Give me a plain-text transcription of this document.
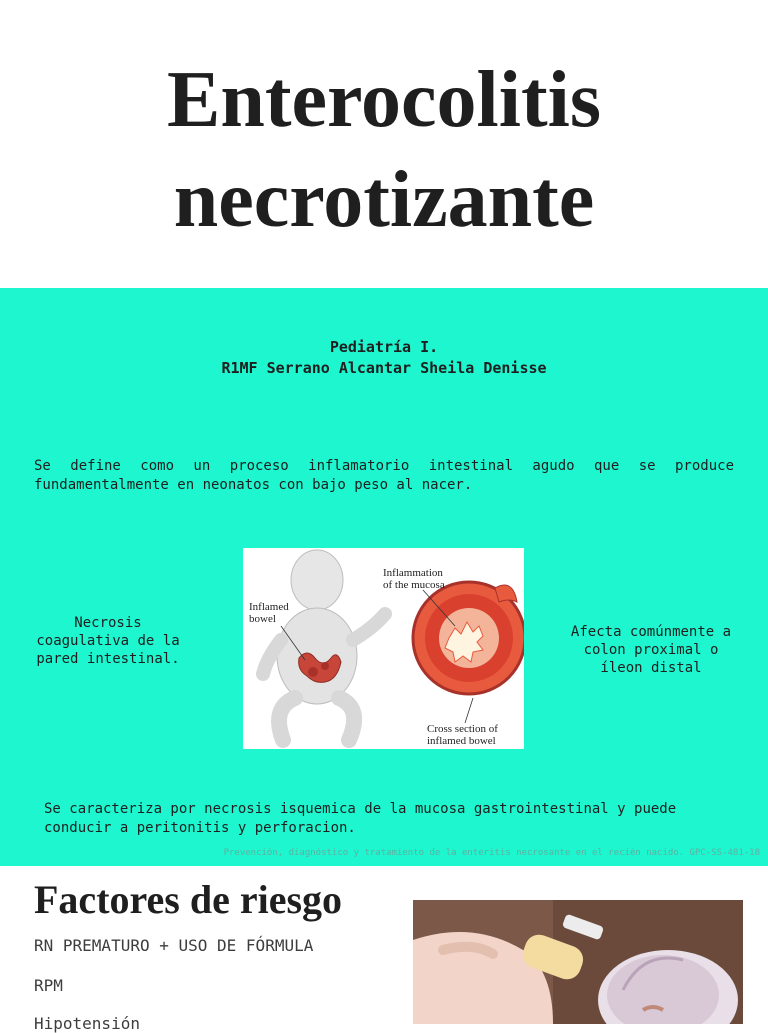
Enterocolitis
necrotizante
Pediatría I.
R1MF Serrano Alcantar Sheila Denisse
Se define como un proceso inflamatorio intestinal agudo que se produce fundamentalmente en neonatos con bajo peso al nacer.
Necrosis coagulativa de la pared intestinal.
Inflamed
bowel
Inflammation
of the mucosa
Cross section of
inflamed bowel
Afecta comúnmente a colon proximal o íleon distal
Se caracteriza por necrosis isquemica de la mucosa gastrointestinal y puede conducir a peritonitis y perforacion.
Prevención, diagnóstico y tratamiento de la enteritis necrosante en el recién nacido. GPC-SS-481-18
Factores de riesgo
RN PREMATURO + USO DE FÓRMULA
RPM
Hipotensión
